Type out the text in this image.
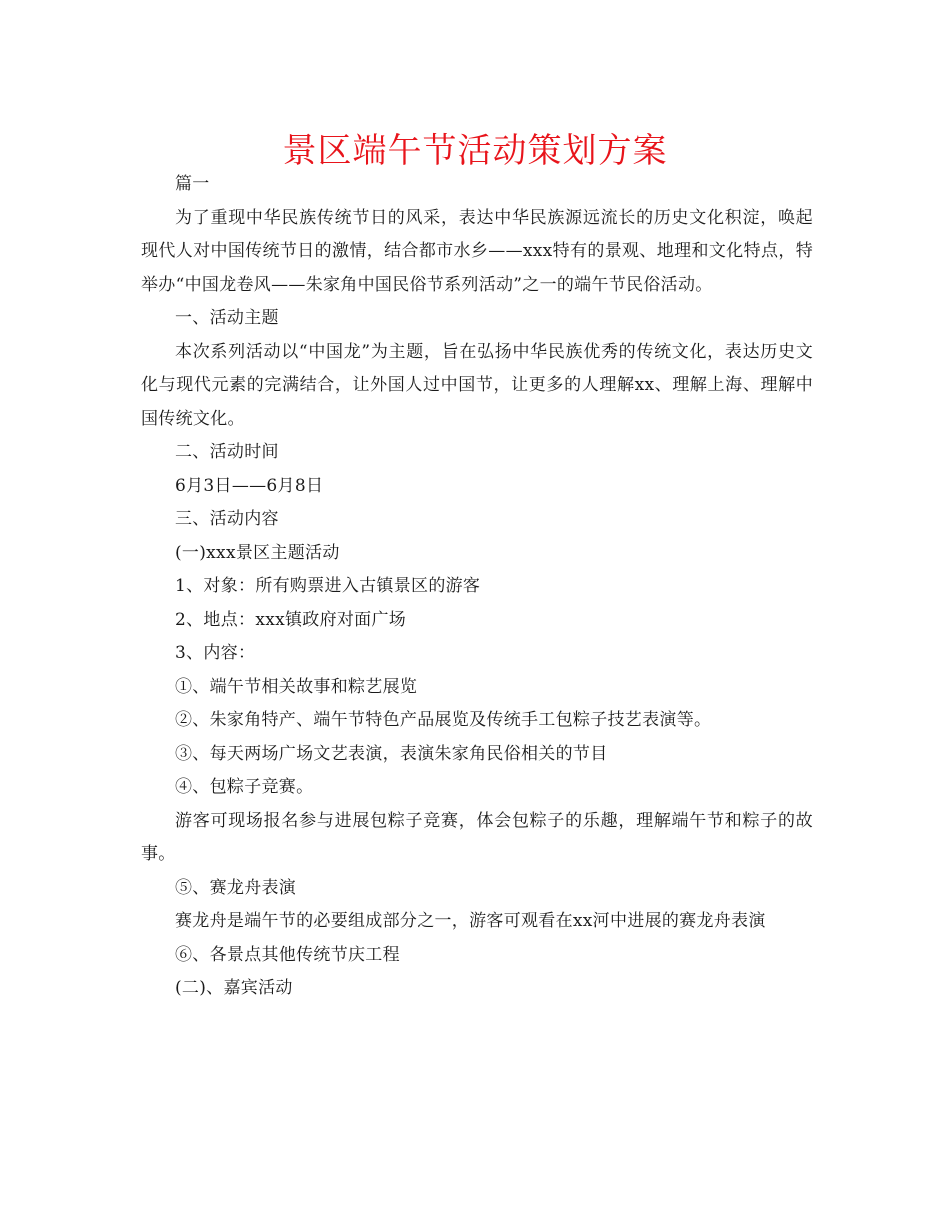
景区端午节活动策划方案

篇一

为了重现中华民族传统节日的风采，表达中华民族源远流长的历史文化积淀，唤起现代人对中国传统节日的激情，结合都市水乡——xxx特有的景观、地理和文化特点，特举办“中国龙卷风——朱家角中国民俗节系列活动”之一的端午节民俗活动。

一、活动主题

本次系列活动以“中国龙”为主题，旨在弘扬中华民族优秀的传统文化，表达历史文化与现代元素的完满结合，让外国人过中国节，让更多的人理解xx、理解上海、理解中国传统文化。

二、活动时间

6月3日——6月8日

三、活动内容

(一)xxx景区主题活动

1、对象：所有购票进入古镇景区的游客

2、地点：xxx镇政府对面广场

3、内容：

①、端午节相关故事和粽艺展览

②、朱家角特产、端午节特色产品展览及传统手工包粽子技艺表演等。

③、每天两场广场文艺表演，表演朱家角民俗相关的节目

④、包粽子竞赛。

游客可现场报名参与进展包粽子竞赛，体会包粽子的乐趣，理解端午节和粽子的故事。

⑤、赛龙舟表演

赛龙舟是端午节的必要组成部分之一，游客可观看在xx河中进展的赛龙舟表演

⑥、各景点其他传统节庆工程

(二)、嘉宾活动
